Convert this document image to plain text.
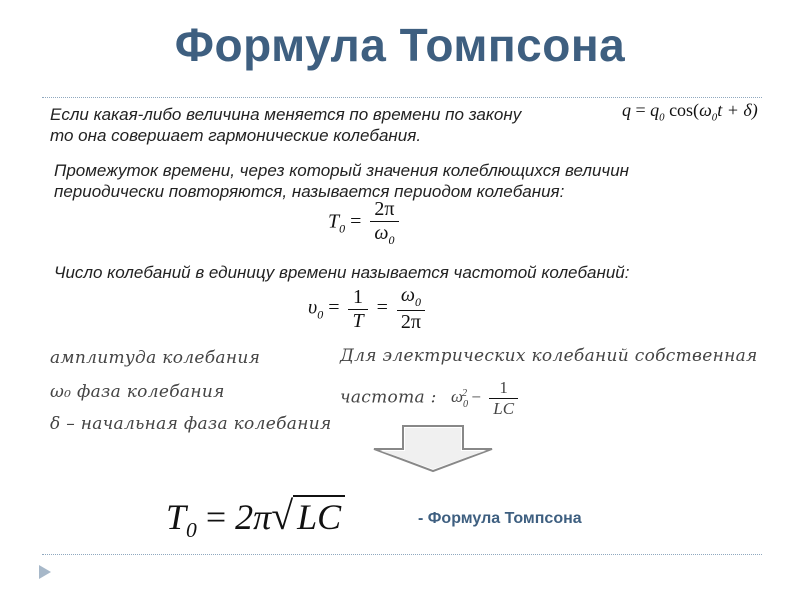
Формула Томпсона
Если какая-либо величина меняется по времени по закону
то она совершает гармонические колебания.
$q = q_0$ $\cos(\omega_0t + \delta)$
Промежуток времени, через который значения колеблющихся величин
периодически повторяются, называется периодом колебания:
$T_0 = \frac{2\pi}{\omega_0}$
Число колебаний в единицу времени называется частотой колебаний:
$\upsilon_0 = \frac{1}{T} = \frac{\omega_0}{2\pi}$
амплитуда колебания
ω₀ фаза колебания
δ – начальная фаза колебания
Для электрических колебаний собственная
частота : $\omega_0^2 - \frac{1}{LC}$
$T_0 = 2\pi√$ LC	- Формула Томпсона
